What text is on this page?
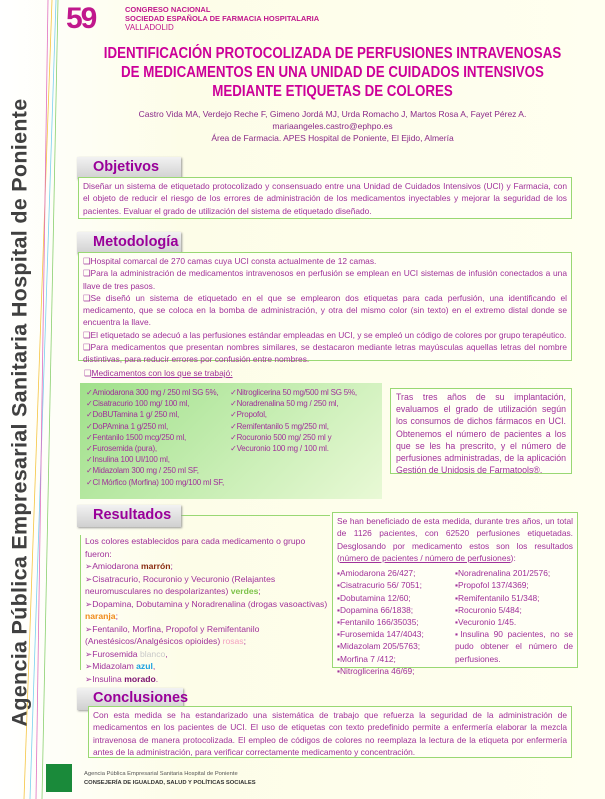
Agencia Pública Empresarial Sanitaria Hospital de Poniente
59	CONGRESO NACIONAL
SOCIEDAD ESPAÑOLA DE FARMACIA HOSPITALARIA
VALLADOLID
IDENTIFICACIÓN PROTOCOLIZADA DE PERFUSIONES INTRAVENOSAS
DE MEDICAMENTOS EN UNA UNIDAD DE CUIDADOS INTENSIVOS
MEDIANTE ETIQUETAS DE COLORES
Castro Vida MA, Verdejo Reche F, Gimeno Jordá MJ, Urda Romacho J, Martos Rosa A, Fayet Pérez A.
mariaangeles.castro@ephpo.es
Área de Farmacia. APES Hospital de Poniente, El Ejido, Almería
Objetivos

Diseñar un sistema de etiquetado protocolizado y consensuado entre una Unidad de Cuidados Intensivos (UCI) y Farmacia, con el objeto de reducir el riesgo de los errores de administración de los medicamentos inyectables y mejorar la seguridad de los pacientes. Evaluar el grado de utilización del sistema de etiquetado diseñado.

Metodología

❑Hospital comarcal de 270 camas cuya UCI consta actualmente de 12 camas.

❑Para la administración de medicamentos intravenosos en perfusión se emplean en UCI sistemas de infusión conectados a una llave de tres pasos.

❑Se diseñó un sistema de etiquetado en el que se emplearon dos etiquetas para cada perfusión, una identificando el medicamento, que se coloca en la bomba de administración, y otra del mismo color (sin texto) en el extremo distal donde se encuentra la llave.

❑El etiquetado se adecuó a las perfusiones estándar empleadas en UCI, y se empleó un código de colores por grupo terapéutico.

❑Para medicamentos que presentan nombres similares, se destacaron mediante letras mayúsculas aquellas letras del nombre distintivas, para reducir errores por confusión entre nombres.

❑Medicamentos con los que se trabajó:
✓Amiodarona 300 mg / 250 ml SG 5%,
✓Cisatracurio 100 mg/ 100 ml,
✓DoBUTamina 1 g/ 250 ml,
✓DoPAmina 1 g/250 ml,
✓Fentanilo 1500 mcg/250 ml,
✓Furosemida (pura),
✓Insulina 100 UI/100 ml,
✓Midazolam 300 mg / 250 ml SF,
✓Cl Mórfico (Morfina) 100 mg/100 ml SF,
✓Nitroglicerina 50 mg/500 ml SG 5%,
✓Noradrenalina 50 mg / 250 ml,
✓Propofol,
✓Remifentanilo 5 mg/250 ml,
✓Rocuronio 500 mg/ 250 ml y
✓Vecuronio 100 mg / 100 ml.

Tras tres años de su implantación, evaluamos el grado de utilización según los consumos de dichos fármacos en UCI. Obtenemos el número de pacientes a los que se les ha prescrito, y el número de perfusiones administradas, de la aplicación Gestión de Unidosis de Farmatools®.

Resultados
Los colores establecidos para cada medicamento o grupo fueron:
➢Amiodarona marrón;
➢Cisatracurio, Rocuronio y Vecuronio (Relajantes neuromusculares no despolarizantes) verdes;
➢Dopamina, Dobutamina y Noradrenalina (drogas vasoactivas) naranja;
➢Fentanilo, Morfina, Propofol y Remifentanilo (Anestésicos/Analgésicos opioides) rosas;
➢Furosemida blanco,
➢Midazolam azul,
➢Insulina morado.

Se han beneficiado de esta medida, durante tres años, un total de 1126 pacientes, con 62520 perfusiones etiquetadas. Desglosando por medicamento estos son los resultados (número de pacientes / número de perfusiones):

▪Amiodarona 26/427;
▪Cisatracurio 56/ 7051;
▪Dobutamina 12/60;
▪Dopamina 66/1838;
▪Fentanilo 166/35035;
▪Furosemida 147/4043;
▪Midazolam 205/5763;
▪Morfina 7 /412;
▪Nitroglicerina 46/69;
▪Noradrenalina 201/2576;
▪Propofol 137/4369;
▪Remifentanilo 51/348;
▪Rocuronio 5/484;
▪Vecuronio 1/45.
▪Insulina 90 pacientes, no se pudo obtener el número de perfusiones.
Conclusiones

Con esta medida se ha estandarizado una sistemática de trabajo que refuerza la seguridad de la administración de medicamentos en los pacientes de UCI. El uso de etiquetas con texto predefinido permite a enfermería elaborar la mezcla intravenosa de manera protocolizada. El empleo de códigos de colores no reemplaza la lectura de la etiqueta por enfermería antes de la administración, para verificar correctamente medicamento y concentración.

Agencia Pública Empresarial Sanitaria Hospital de Poniente
CONSEJERÍA DE IGUALDAD, SALUD Y POLÍTICAS SOCIALES
